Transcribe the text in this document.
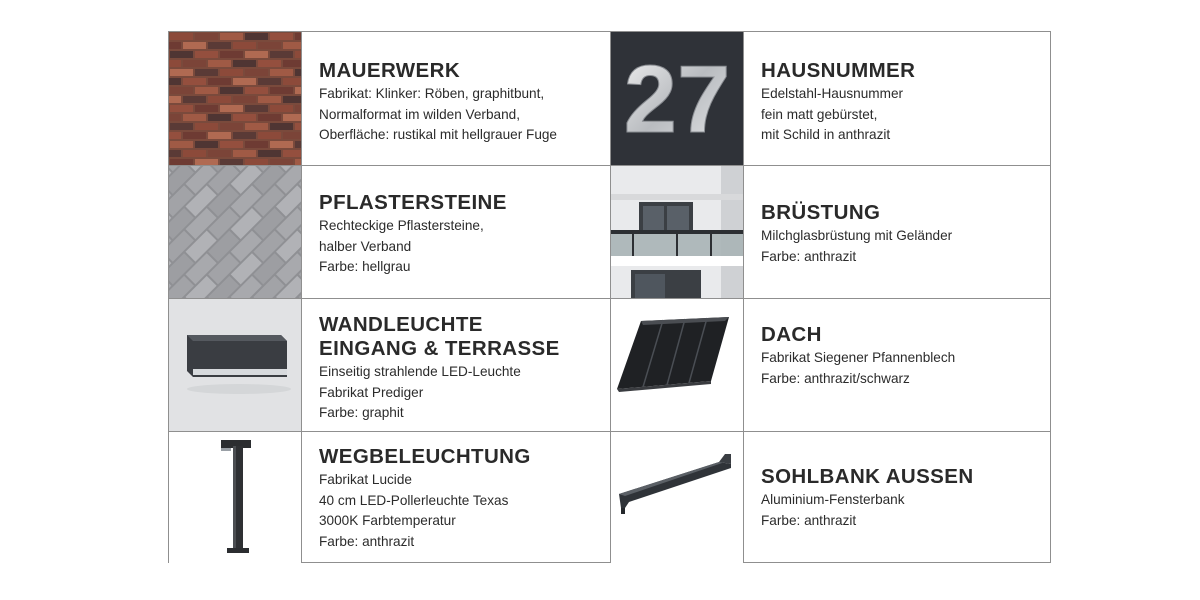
MAUERWERK
Fabrikat: Klinker: Röben, graphitbunt,
Normalformat im wilden Verband,
Oberfläche: rustikal mit hellgrauer Fuge 27 HAUSNUMMER
Edelstahl-Hausnummer
fein matt gebürstet,
mit Schild in anthrazit
PFLASTERSTEINE
Rechteckige Pflastersteine,
halber Verband
Farbe: hellgrau
BRÜSTUNG
Milchglasbrüstung mit Geländer
Farbe: anthrazit
WANDLEUCHTE
EINGANG & TERRASSE
Einseitig strahlende LED-Leuchte
Fabrikat Prediger
Farbe: graphit
DACH
Fabrikat Siegener Pfannenblech
Farbe: anthrazit/schwarz
WEGBELEUCHTUNG
Fabrikat Lucide
40 cm LED-Pollerleuchte Texas
3000K Farbtemperatur
Farbe: anthrazit
SOHLBANK AUSSEN
Aluminium-Fensterbank
Farbe: anthrazit
